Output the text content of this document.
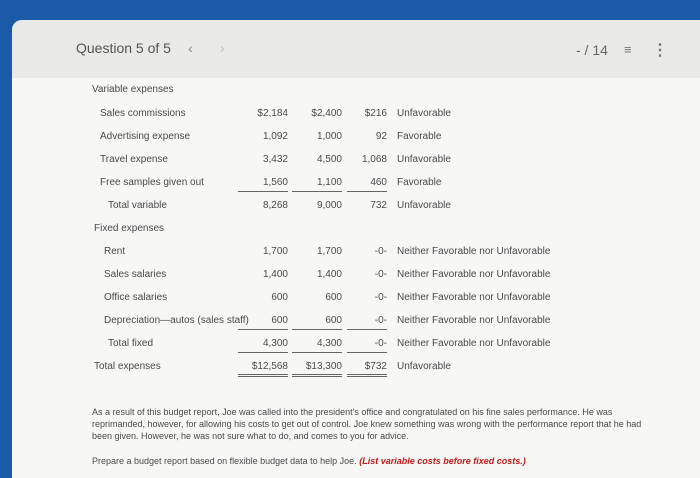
Question 5 of 5 ‹ ›	- / 14 ≡ ⋮
Variable expenses
Sales commissions	$2,184	$2,400	$216 Unfavorable
Advertising expense	1,092	1,000	92 Favorable
Travel expense	3,432	4,500	1,068 Unfavorable
Free samples given out	1,560	1,100	460 Favorable
Total variable	8,268	9,000	732 Unfavorable
Fixed expenses
Rent	1,700	1,700	-0- Neither Favorable nor Unfavorable
Sales salaries	1,400	1,400	-0- Neither Favorable nor Unfavorable
Office salaries	600	600	-0- Neither Favorable nor Unfavorable
Depreciation—autos (sales staff)	600	600	-0- Neither Favorable nor Unfavorable
Total fixed	4,300	4,300	-0- Neither Favorable nor Unfavorable
Total expenses	$12,568	$13,300	$732 Unfavorable

As a result of this budget report, Joe was called into the president's office and congratulated on his fine sales performance. He was reprimanded, however, for allowing his costs to get out of control. Joe knew something was wrong with the performance report that he had been given. However, he was not sure what to do, and comes to you for advice.

Prepare a budget report based on flexible budget data to help Joe. (List variable costs before fixed costs.)
